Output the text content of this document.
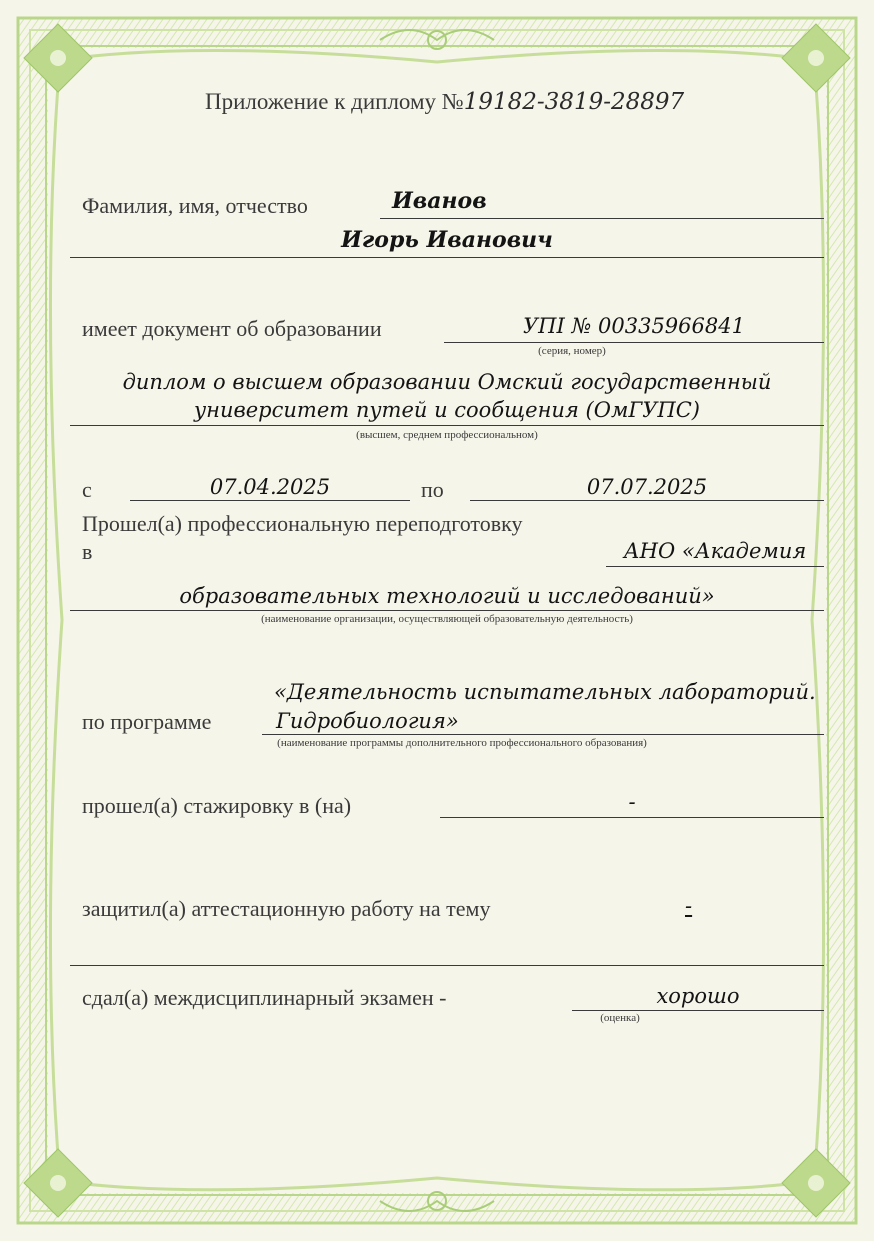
Приложение к диплому №19182-3819-28897
Фамилия, имя, отчество	Иванов
Игорь Иванович
имеет документ об образовании	УПІ № 00335966841
(серия, номер)
диплом о высшем образовании Омский государственный
университет путей и сообщения (ОмГУПС)
(высшем, среднем профессиональном)
с	07.04.2025	по	07.07.2025
Прошел(а) профессиональную переподготовку
в	АНО «Академия
образовательных технологий и исследований»
(наименование организации, осуществляющей образовательную деятельность)
«Деятельность испытательных лабораторий.
по программе	Гидробиология»
(наименование программы дополнительного профессионального образования)
прошел(а) стажировку в (на)	-
защитил(а) аттестационную работу на тему	-
сдал(а) междисциплинарный экзамен -	хорошо
(оценка)
